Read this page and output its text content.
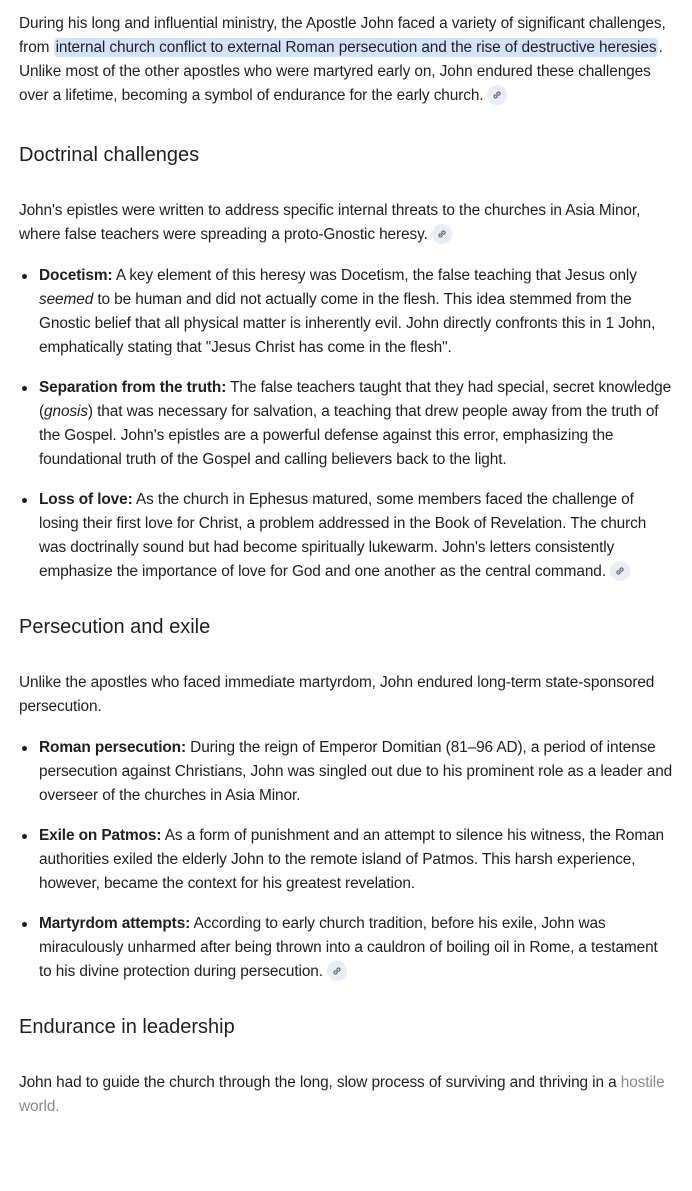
During his long and influential ministry, the Apostle John faced a variety of significant challenges, from internal church conflict to external Roman persecution and the rise of destructive heresies . Unlike most of the other apostles who were martyred early on, John endured these challenges over a lifetime, becoming a symbol of endurance for the early church.

Doctrinal challenges

John's epistles were written to address specific internal threats to the churches in Asia Minor, where false teachers were spreading a proto-Gnostic heresy.

Docetism: A key element of this heresy was Docetism, the false teaching that Jesus only seemed to be human and did not actually come in the flesh. This idea stemmed from the Gnostic belief that all physical matter is inherently evil. John directly confronts this in 1 John, emphatically stating that "Jesus Christ has come in the flesh".
Separation from the truth: The false teachers taught that they had special, secret knowledge (gnosis) that was necessary for salvation, a teaching that drew people away from the truth of the Gospel. John's epistles are a powerful defense against this error, emphasizing the foundational truth of the Gospel and calling believers back to the light.
Loss of love: As the church in Ephesus matured, some members faced the challenge of losing their first love for Christ, a problem addressed in the Book of Revelation. The church was doctrinally sound but had become spiritually lukewarm. John's letters consistently emphasize the importance of love for God and one another as the central command.
Persecution and exile

Unlike the apostles who faced immediate martyrdom, John endured long-term state-sponsored persecution.

Roman persecution: During the reign of Emperor Domitian (81–96 AD), a period of intense persecution against Christians, John was singled out due to his prominent role as a leader and overseer of the churches in Asia Minor.
Exile on Patmos: As a form of punishment and an attempt to silence his witness, the Roman authorities exiled the elderly John to the remote island of Patmos. This harsh experience, however, became the context for his greatest revelation.
Martyrdom attempts: According to early church tradition, before his exile, John was miraculously unharmed after being thrown into a cauldron of boiling oil in Rome, a testament to his divine protection during persecution.
Endurance in leadership

John had to guide the church through the long, slow process of surviving and thriving in a hostile world.
